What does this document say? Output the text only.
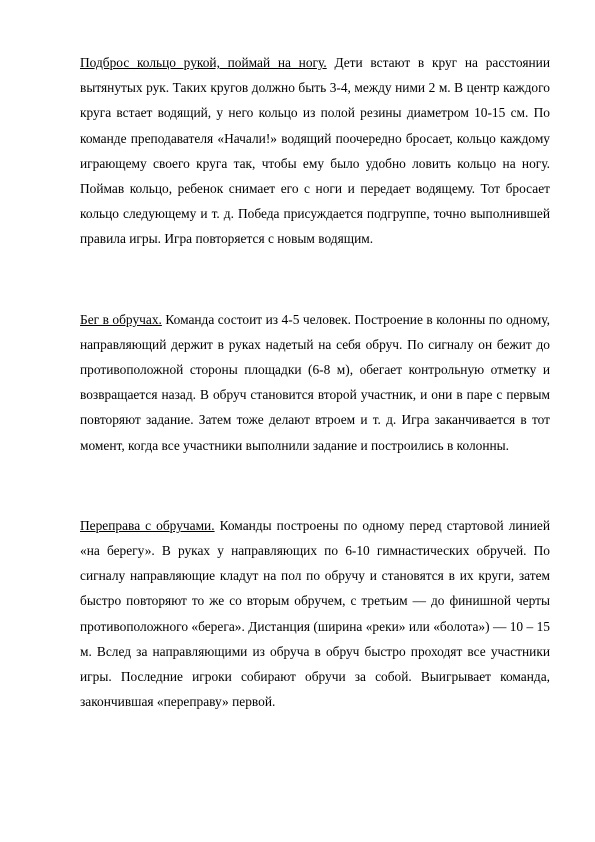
Подброс кольцо рукой, поймай на ногу. Дети встают в круг на расстоянии вытянутых рук. Таких кругов должно быть 3-4, между ними 2 м. В центр каждого круга встает водящий, у него кольцо из полой резины диаметром 10-15 см. По команде преподавателя «Начали!» водящий поочередно бросает, кольцо каждому играющему своего круга так, чтобы ему было удобно ловить кольцо на ногу. Поймав кольцо, ребенок снимает его с ноги и передает водящему. Тот бросает кольцо следующему и т. д. Победа присуждается подгруппе, точно выполнившей правила игры. Игра повторяется с новым водящим.

Бег в обручах. Команда состоит из 4-5 человек. Построение в колонны по одному, направляющий держит в руках надетый на себя обруч. По сигналу он бежит до противоположной стороны площадки (6-8 м), обегает контрольную отметку и возвращается назад. В обруч становится второй участник, и они в паре с первым повторяют задание. Затем тоже делают втроем и т. д. Игра заканчивается в тот момент, когда все участники выполнили задание и построились в колонны.

Переправа с обручами. Команды построены по одному перед стартовой линией «на берегу». В руках у направляющих по 6-10 гимнастических обручей. По сигналу направляющие кладут на пол по обручу и становятся в их круги, затем быстро повторяют то же со вторым обручем, с третьим — до финишной черты противоположного «берега». Дистанция (ширина «реки» или «болота») — 10 – 15 м. Вслед за направляющими из обруча в обруч быстро проходят все участники игры. Последние игроки собирают обручи за собой. Выигрывает команда, закончившая «переправу» первой.
